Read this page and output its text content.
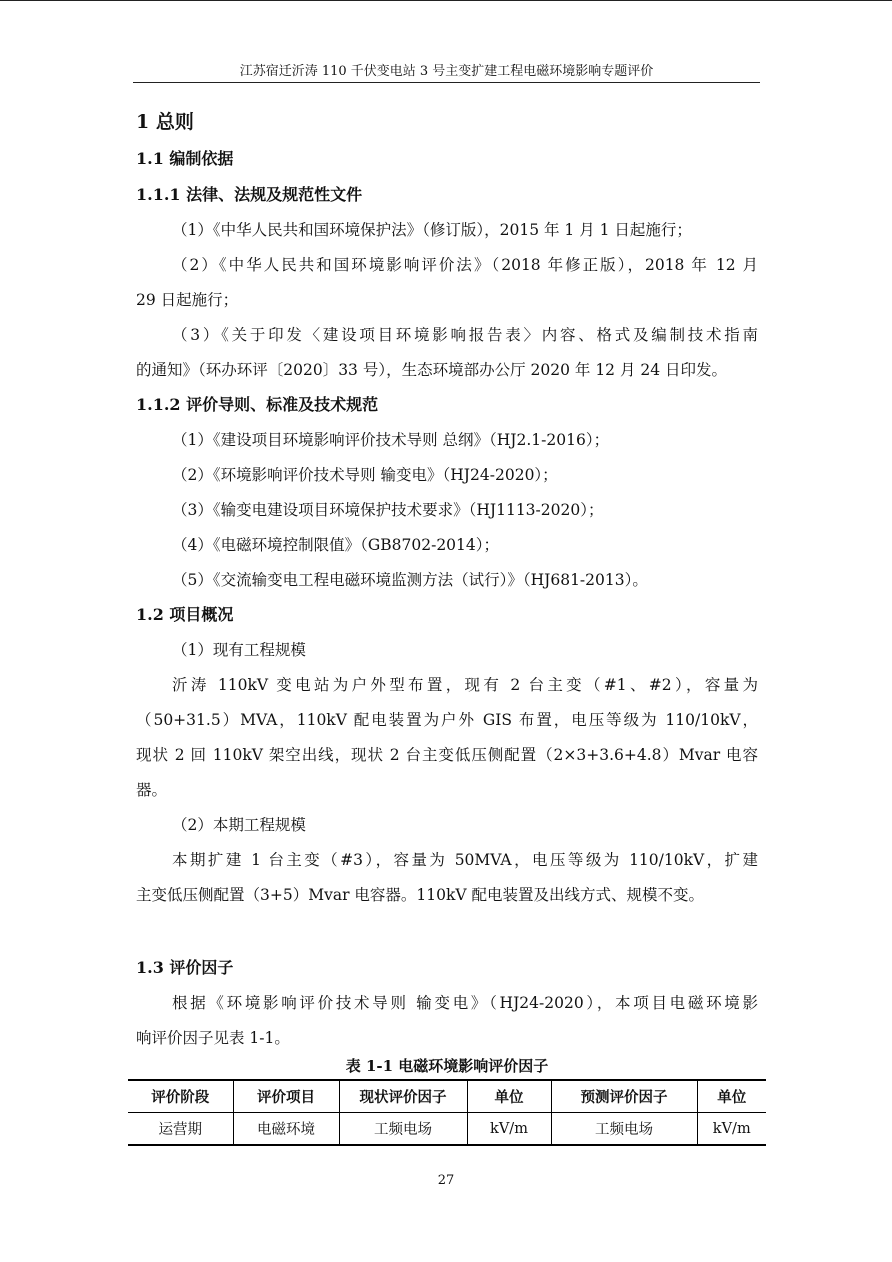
江苏宿迁沂涛 110 千伏变电站 3 号主变扩建工程电磁环境影响专题评价
1 总则
1.1 编制依据
1.1.1 法律、法规及规范性文件
（1）《中华人民共和国环境保护法》（修订版），2015 年 1 月 1 日起施行；
（2）《中华人民共和国环境影响评价法》（2018 年修正版），2018 年 12 月
29 日起施行；
（3）《关于印发〈建设项目环境影响报告表〉内容、格式及编制技术指南
的通知》（环办环评〔2020〕33 号），生态环境部办公厅 2020 年 12 月 24 日印发。
1.1.2 评价导则、标准及技术规范
（1）《建设项目环境影响评价技术导则 总纲》（HJ2.1-2016）；
（2）《环境影响评价技术导则 输变电》（HJ24-2020）；
（3）《输变电建设项目环境保护技术要求》（HJ1113-2020）；
（4）《电磁环境控制限值》（GB8702-2014）；
（5）《交流输变电工程电磁环境监测方法（试行）》（HJ681-2013）。
1.2 项目概况
（1）现有工程规模
沂涛 110kV 变电站为户外型布置，现有 2 台主变（#1、#2），容量为
（50+31.5）MVA，110kV 配电装置为户外 GIS 布置，电压等级为 110/10kV，
现状 2 回 110kV 架空出线，现状 2 台主变低压侧配置（2×3+3.6+4.8）Mvar 电容
器。
（2）本期工程规模
本期扩建 1 台主变（#3），容量为 50MVA，电压等级为 110/10kV，扩建
主变低压侧配置（3+5）Mvar 电容器。110kV 配电装置及出线方式、规模不变。
1.3 评价因子
根据《环境影响评价技术导则 输变电》（HJ24-2020），本项目电磁环境影
响评价因子见表 1-1。
表 1-1 电磁环境影响评价因子
评价阶段	评价项目	现状评价因子	单位	预测评价因子	单位
运营期	电磁环境	工频电场	kV/m	工频电场	kV/m
27
